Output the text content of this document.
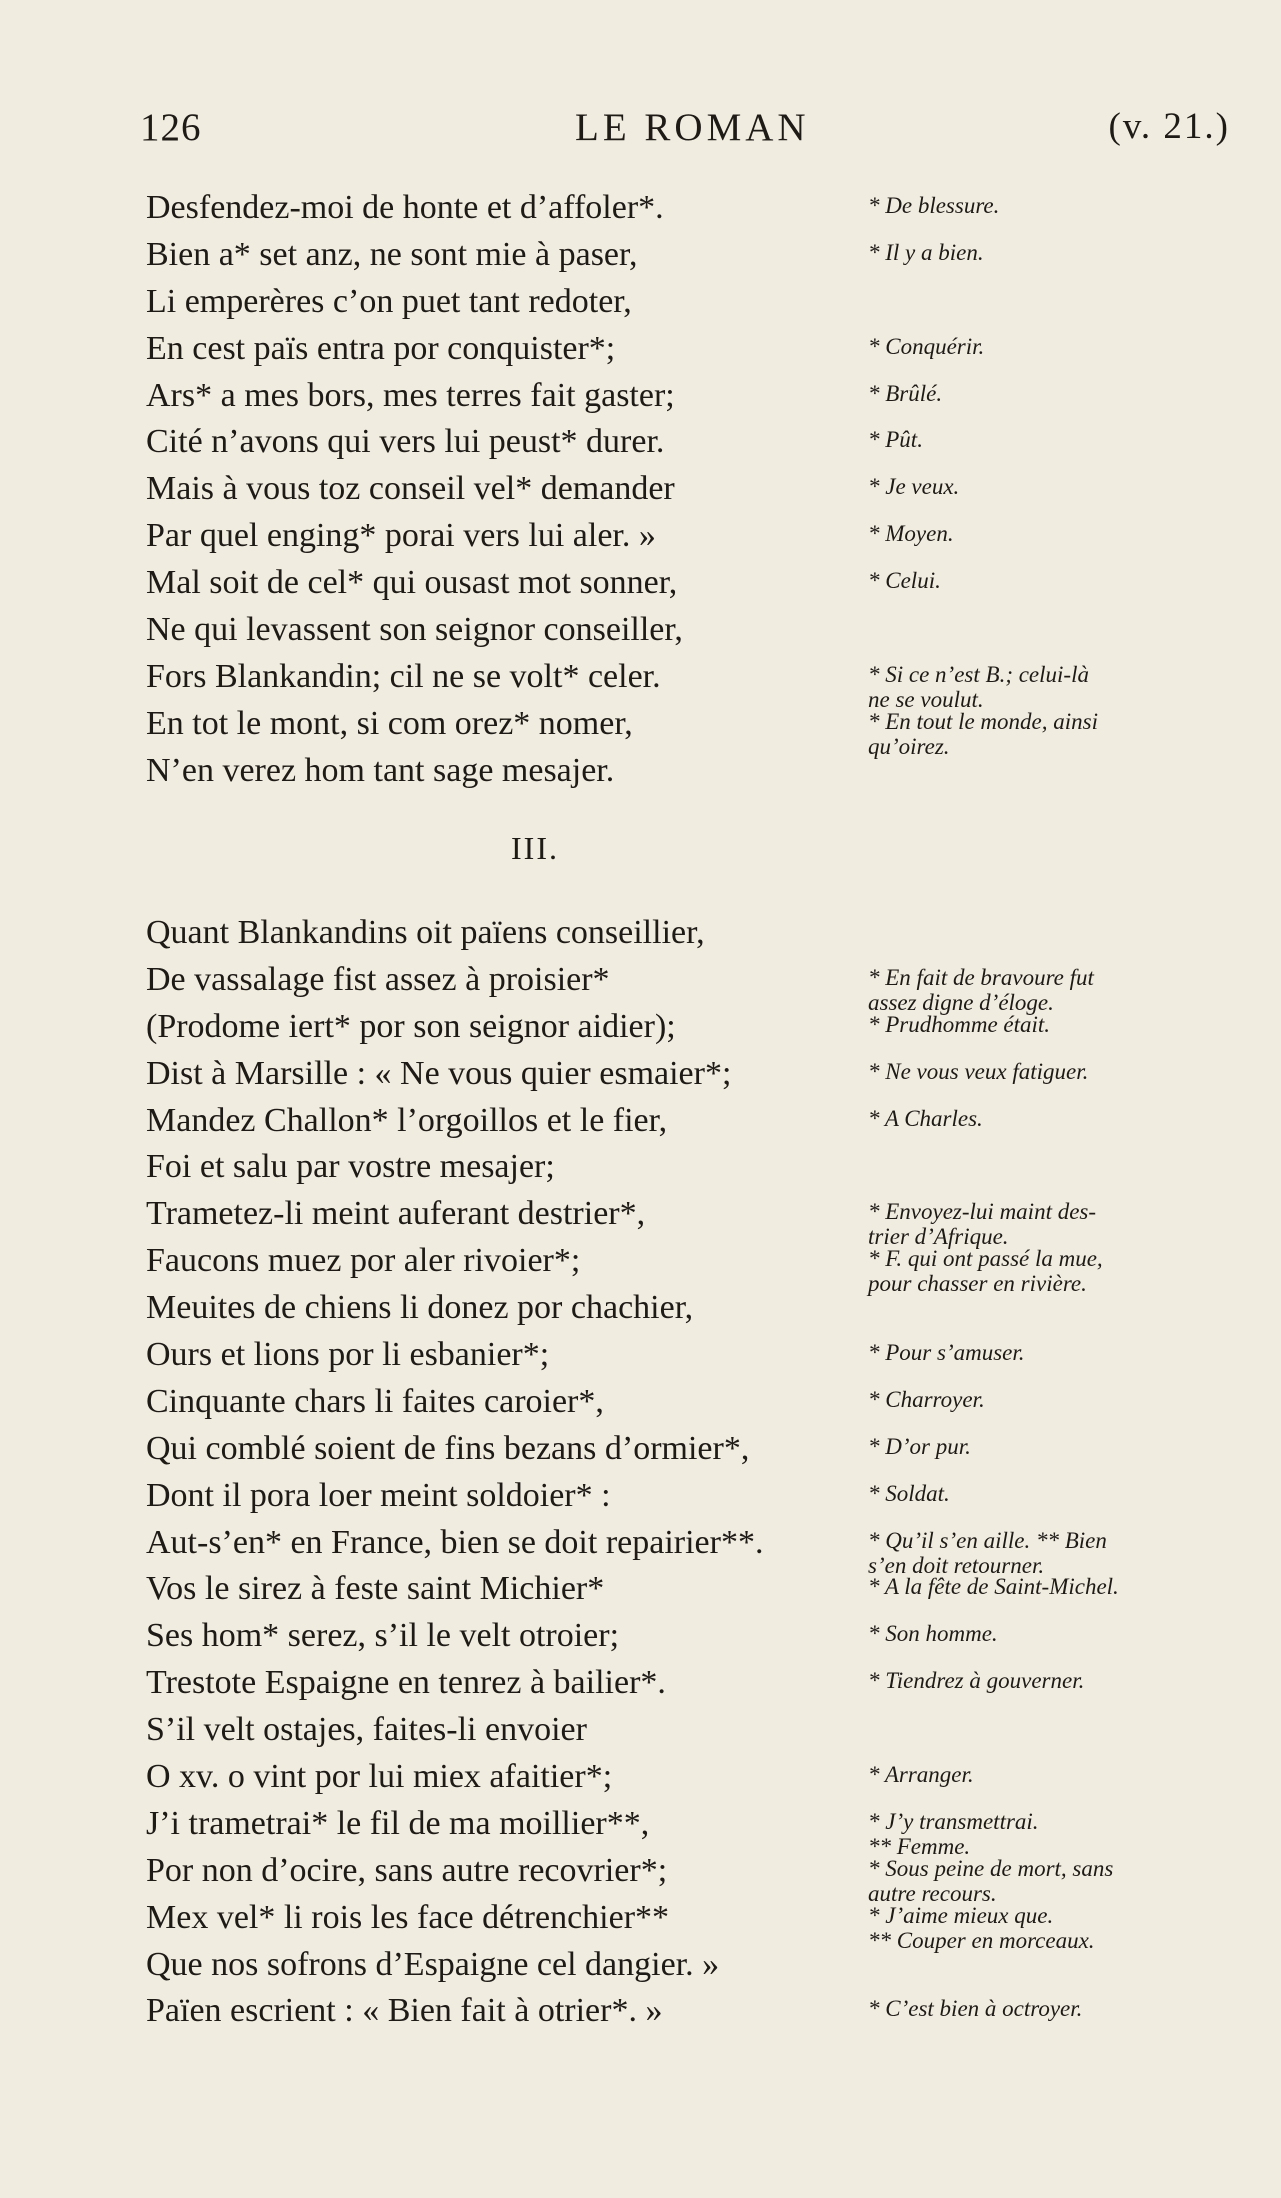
126	LE ROMAN	(v. 21.)
Desfendez-moi de honte et d’affoler*.	* De blessure.
Bien a* set anz, ne sont mie à paser,	* Il y a bien.
Li emperères c’on puet tant redoter,
En cest païs entra por conquister*;	* Conquérir.
Ars* a mes bors, mes terres fait gaster;	* Brûlé.
Cité n’avons qui vers lui peust* durer.	* Pût.
Mais à vous toz conseil vel* demander	* Je veux.
Par quel enging* porai vers lui aler. »	* Moyen.
Mal soit de cel* qui ousast mot sonner,	* Celui.
Ne qui levassent son seignor conseiller,
Fors Blankandin; cil ne se volt* celer.	* Si ce n’est B.; celui-là
ne se voulut.
En tot le mont, si com orez* nomer,	* En tout le monde, ainsi
qu’oirez.
N’en verez hom tant sage mesajer.
III.
Quant Blankandins oit païens conseillier,
De vassalage fist assez à proisier*	* En fait de bravoure fut
assez digne d’éloge.
(Prodome iert* por son seignor aidier);	* Prudhomme était.
Dist à Marsille : « Ne vous quier esmaier*;	* Ne vous veux fatiguer.
Mandez Challon* l’orgoillos et le fier,	* A Charles.
Foi et salu par vostre mesajer;
Trametez-li meint auferant destrier*,	* Envoyez-lui maint des-
trier d’Afrique.
Faucons muez por aler rivoier*;	* F. qui ont passé la mue,
pour chasser en rivière.
Meuites de chiens li donez por chachier,
Ours et lions por li esbanier*;	* Pour s’amuser.
Cinquante chars li faites caroier*,	* Charroyer.
Qui comblé soient de fins bezans d’ormier*,	* D’or pur.
Dont il pora loer meint soldoier* :	* Soldat.
Aut-s’en* en France, bien se doit repairier**.	* Qu’il s’en aille. ** Bien
s’en doit retourner.
Vos le sirez à feste saint Michier*	* A la fête de Saint-Michel.
Ses hom* serez, s’il le velt otroier;	* Son homme.
Trestote Espaigne en tenrez à bailier*.	* Tiendrez à gouverner.
S’il velt ostajes, faites-li envoier
O xv. o vint por lui miex afaitier*;	* Arranger.
J’i trametrai* le fil de ma moillier**,	* J’y transmettrai.
** Femme.
Por non d’ocire, sans autre recovrier*;	* Sous peine de mort, sans
autre recours.
Mex vel* li rois les face détrenchier**	* J’aime mieux que.
** Couper en morceaux.
Que nos sofrons d’Espaigne cel dangier. »
Païen escrient : « Bien fait à otrier*. »	* C’est bien à octroyer.
